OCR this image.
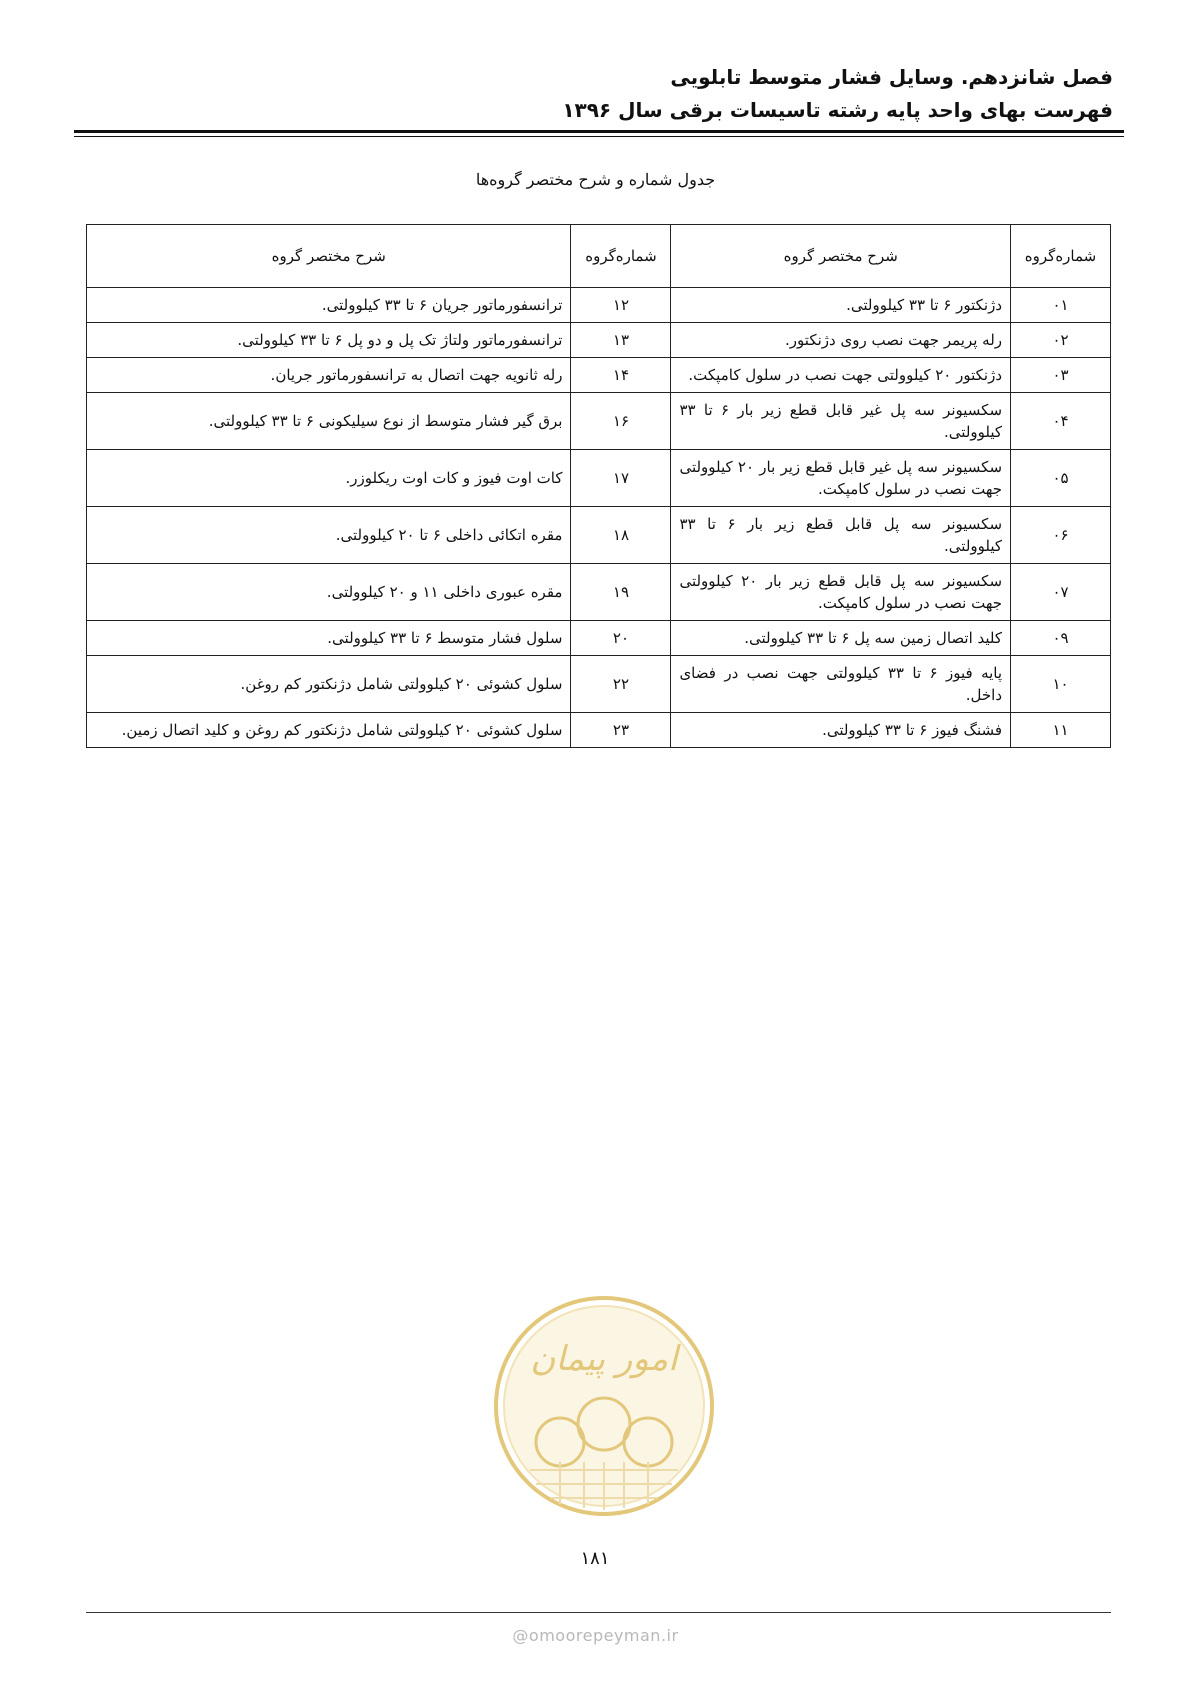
فصل شانزدهم. وسایل فشار متوسط تابلویی
فهرست بهای واحد پایه رشته تاسیسات برقی سال ۱۳۹۶
جدول شماره و شرح مختصر گروه‌ها
شماره‌گروه	شرح مختصر گروه	شماره‌گروه	شرح مختصر گروه
۰۱	دژنکتور ۶ تا ۳۳ کیلوولتی.	۱۲	ترانسفورماتور جریان ۶ تا ۳۳ کیلوولتی.
۰۲	رله پریمر جهت نصب روی دژنکتور.	۱۳	ترانسفورماتور ولتاژ تک پل و دو پل ۶ تا ۳۳ کیلوولتی.
۰۳	دژنکتور ۲۰ کیلوولتی جهت نصب در سلول کامپکت.	۱۴	رله ثانویه جهت اتصال به ترانسفورماتور جریان.
۰۴	سکسیونر سه پل غیر قابل قطع زیر بار ۶ تا ۳۳ کیلوولتی.	۱۶	برق گیر فشار متوسط از نوع سیلیکونی ۶ تا ۳۳ کیلوولتی.
۰۵	سکسیونر سه پل غیر قابل قطع زیر بار ۲۰ کیلوولتی جهت نصب در سلول کامپکت.	۱۷	کات اوت فیوز و کات اوت ریکلوزر.
۰۶	سکسیونر سه پل قابل قطع زیر بار ۶ تا ۳۳ کیلوولتی.	۱۸	مقره اتکائی داخلی ۶ تا ۲۰ کیلوولتی.
۰۷	سکسیونر سه پل قابل قطع زیر بار ۲۰ کیلوولتی جهت نصب در سلول کامپکت.	۱۹	مقره عبوری داخلی ۱۱ و ۲۰ کیلوولتی.
۰۹	کلید اتصال زمین سه پل ۶ تا ۳۳ کیلوولتی.	۲۰	سلول فشار متوسط ۶ تا ۳۳ کیلوولتی.
۱۰	پایه فیوز ۶ تا ۳۳ کیلوولتی جهت نصب در فضای داخل.	۲۲	سلول کشوئی ۲۰ کیلوولتی شامل دژنکتور کم روغن.
۱۱	فشنگ فیوز ۶ تا ۳۳ کیلوولتی.	۲۳	سلول کشوئی ۲۰ کیلوولتی شامل دژنکتور کم روغن و کلید اتصال زمین.
امور پیمان
۱۸۱
@omoorepeyman.ir
